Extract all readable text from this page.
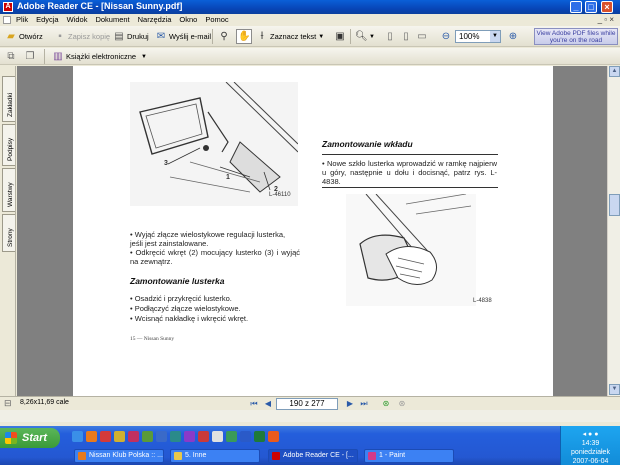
A Adobe Reader CE - [Nissan Sunny.pdf]	_	□	×
Plik Edycja Widok Dokument Narzędzia Okno Pomoc	_ ▫ ×
▰ Otwórz	▪ Zapisz kopię ▤ Drukuj ✉ Wyślij e-mail ⚲ ✋	Ɨ Zaznacz tekst ▼ ▣ 🔍︎ ▼	▯	▯ ▭ ⊖	100%	▼ ⊕	View Adobe PDF files while you're on the road
⧉ ❐ ▥ Książki elektroniczne ▼
Zakładki
Podpisy
Warstwy
Strony
3
1
2
L-46110
Zamontowanie wkładu
• Nowe szkło lusterka wprowadzić w ramkę najpierw u góry, następnie u dołu i docisnąć, patrz rys. L-4838.
L-4838
• Wyjąć złącze wielostykowe regulacji lusterka, jeśli jest zainstalowane.
• Odkręcić wkręt (2) mocujący lusterko (3) i wyjąć na zewnątrz.
Zamontowanie lusterka
• Osadzić i przykręcić lusterko.
• Podłączyć złącze wielostykowe.
• Wcisnąć nakładkę i wkręcić wkręt.
15 — Nissan Sunny
▲
▼
⊟ 8,26x11,69 cale	⏮ ◀	190 z 277	▶ ⏭	⊛	⊛
Start
Nissan Klub Polska :: ...	5. Inne	Adobe Reader CE - [...	1 - Paint
◂ ● ●
14:39
poniedziałek
2007-06-04
